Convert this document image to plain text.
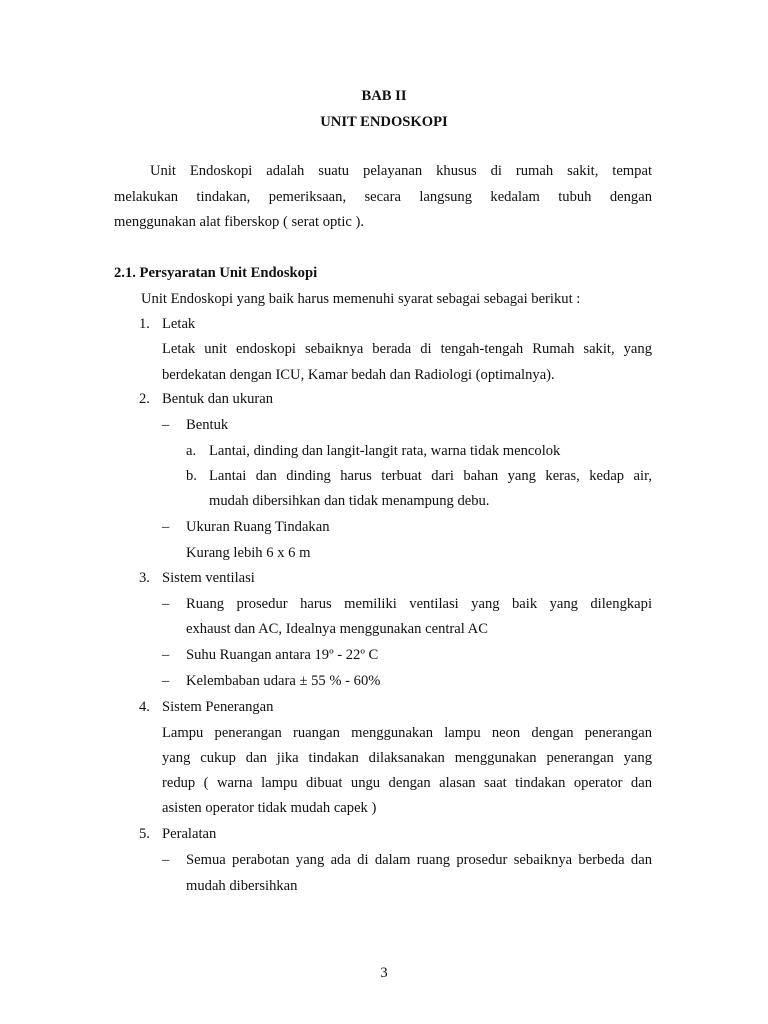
BAB II
UNIT ENDOSKOPI
Unit Endoskopi adalah suatu pelayanan khusus di rumah sakit, tempat
melakukan tindakan, pemeriksaan, secara langsung kedalam tubuh dengan
menggunakan alat fiberskop ( serat optic ).
2.1. Persyaratan Unit Endoskopi
Unit Endoskopi yang baik harus memenuhi syarat sebagai sebagai berikut :
1. Letak
Letak unit endoskopi sebaiknya berada di tengah-tengah Rumah sakit, yang
berdekatan dengan ICU, Kamar bedah dan Radiologi (optimalnya).
2. Bentuk dan ukuran
– Bentuk
a. Lantai, dinding dan langit-langit rata, warna tidak mencolok
b. Lantai dan dinding harus terbuat dari bahan yang keras, kedap air,
mudah dibersihkan dan tidak menampung debu.
– Ukuran Ruang Tindakan
Kurang lebih 6 x 6 m
3. Sistem ventilasi
– Ruang prosedur harus memiliki ventilasi yang baik yang dilengkapi
exhaust dan AC, Idealnya menggunakan central AC
– Suhu Ruangan antara 19º - 22º C
– Kelembaban udara ± 55 % - 60%
4. Sistem Penerangan
Lampu penerangan ruangan menggunakan lampu neon dengan penerangan
yang cukup dan jika tindakan dilaksanakan menggunakan penerangan yang
redup ( warna lampu dibuat ungu dengan alasan saat tindakan operator dan
asisten operator tidak mudah capek )
5. Peralatan
– Semua perabotan yang ada di dalam ruang prosedur sebaiknya berbeda dan
mudah dibersihkan
3
